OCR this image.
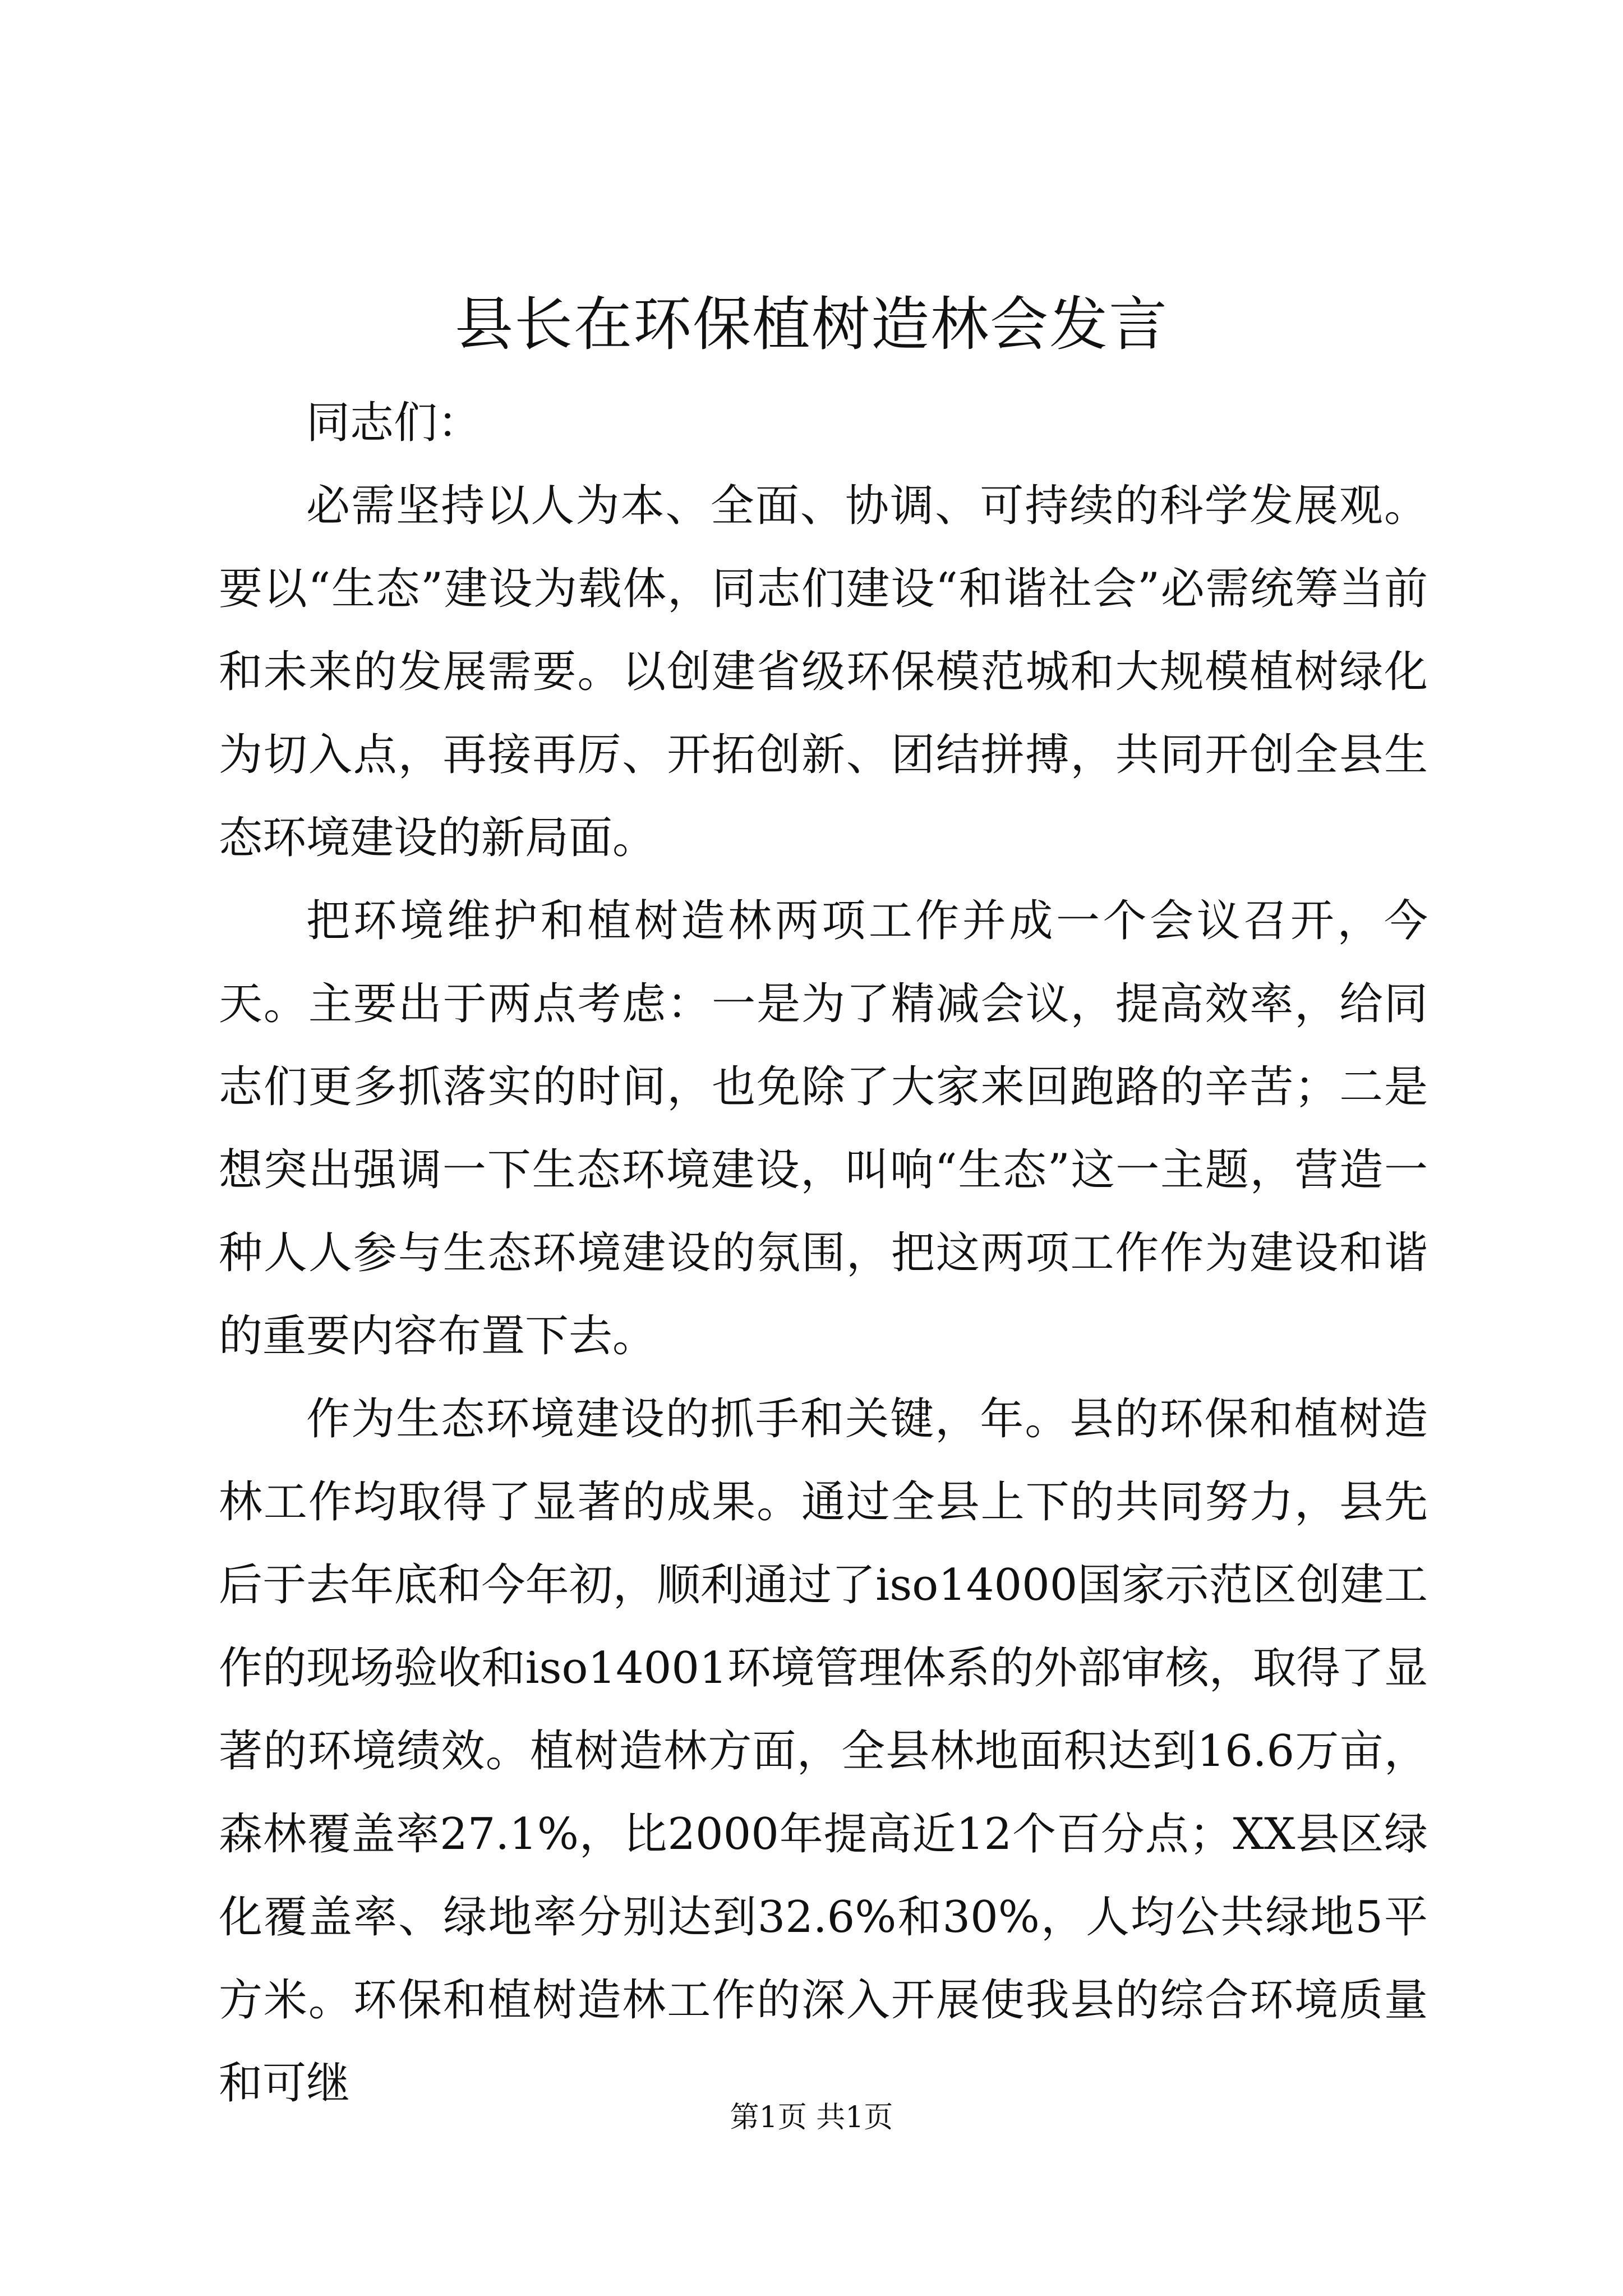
县长在环保植树造林会发言

同志们：

必需坚持以人为本、全面、协调、可持续的科学发展观。要以“生态”建设为载体，同志们建设“和谐社会”必需统筹当前和未来的发展需要。以创建省级环保模范城和大规模植树绿化为切入点，再接再厉、开拓创新、团结拼搏，共同开创全县生态环境建设的新局面。

把环境维护和植树造林两项工作并成一个会议召开，今天。主要出于两点考虑：一是为了精减会议，提高效率，给同志们更多抓落实的时间，也免除了大家来回跑路的辛苦；二是想突出强调一下生态环境建设，叫响“生态”这一主题，营造一种人人参与生态环境建设的氛围，把这两项工作作为建设和谐的重要内容布置下去。

作为生态环境建设的抓手和关键，年。县的环保和植树造林工作均取得了显著的成果。通过全县上下的共同努力，县先后于去年底和今年初，顺利通过了iso14000国家示范区创建工作的现场验收和iso14001环境管理体系的外部审核，取得了显著的环境绩效。植树造林方面，全县林地面积达到16.6万亩，森林覆盖率27.1%，比2000年提高近12个百分点；XX县区绿化覆盖率、绿地率分别达到32.6%和30%，人均公共绿地5平方米。环保和植树造林工作的深入开展使我县的综合环境质量和可继

第1页 共1页
